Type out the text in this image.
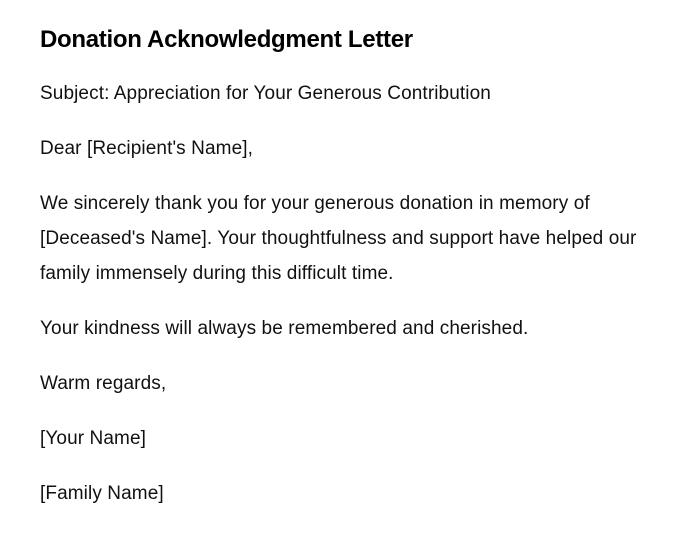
Donation Acknowledgment Letter

Subject: Appreciation for Your Generous Contribution

Dear [Recipient's Name],

We sincerely thank you for your generous donation in memory of [Deceased's Name]. Your thoughtfulness and support have helped our family immensely during this difficult time.

Your kindness will always be remembered and cherished.

Warm regards,

[Your Name]

[Family Name]
